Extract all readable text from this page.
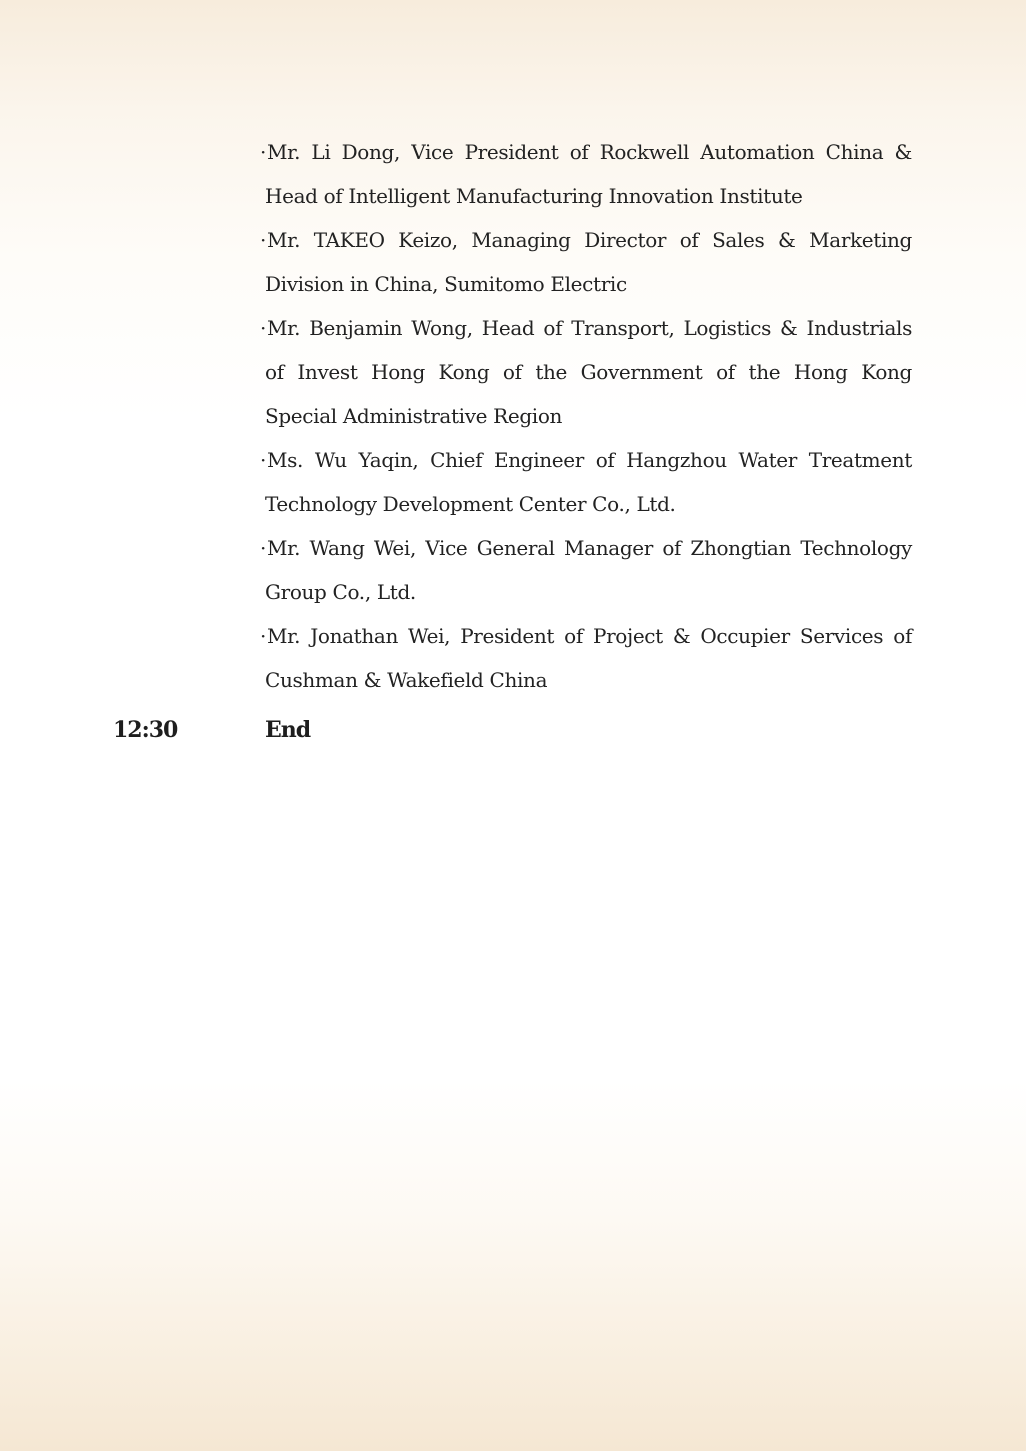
·Mr. Li Dong, Vice President of Rockwell Automation China & Head of Intelligent Manufacturing Innovation Institute
·Mr. TAKEO Keizo, Managing Director of Sales & Marketing Division in China, Sumitomo Electric
·Mr. Benjamin Wong, Head of Transport, Logistics & Industrials of Invest Hong Kong of the Government of the Hong Kong Special Administrative Region
·Ms. Wu Yaqin, Chief Engineer of Hangzhou Water Treatment Technology Development Center Co., Ltd.
·Mr. Wang Wei, Vice General Manager of Zhongtian Technology Group Co., Ltd.
·Mr. Jonathan Wei, President of Project & Occupier Services of Cushman & Wakefield China
12:30	End
